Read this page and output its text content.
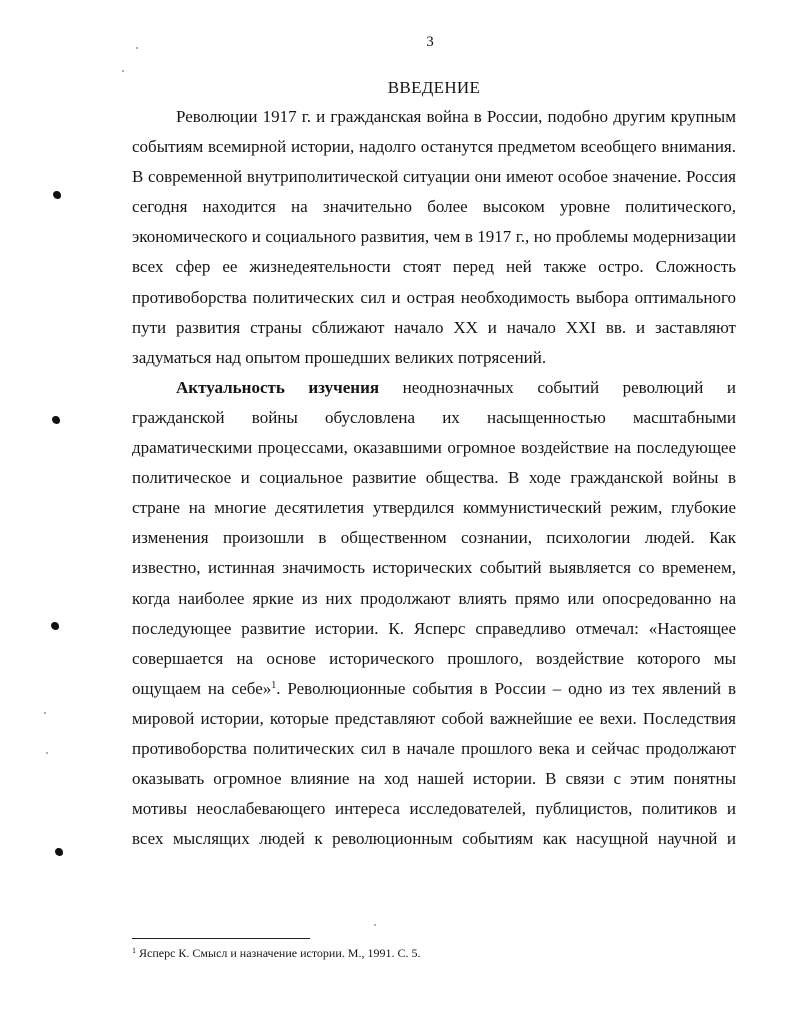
3
ВВЕДЕНИЕ

Революции 1917 г. и гражданская война в России, подобно другим крупным событиям всемирной истории, надолго останутся предметом всеобщего внимания. В современной внутриполитической ситуации они имеют особое значение. Россия сегодня находится на значительно более высоком уровне политического, экономического и социального развития, чем в 1917 г., но проблемы модернизации всех сфер ее жизнедеятельности стоят перед ней также остро. Сложность противоборства политических сил и острая необходимость выбора оптимального пути развития страны сближают начало XX и начало XXI вв. и заставляют задуматься над опытом прошедших великих потрясений.

Актуальность изучения неоднозначных событий революций и гражданской войны обусловлена их насыщенностью масштабными драматическими процессами, оказавшими огромное воздействие на последующее политическое и социальное развитие общества. В ходе гражданской войны в стране на многие десятилетия утвердился коммунистический режим, глубокие изменения произошли в общественном сознании, психологии людей. Как известно, истинная значимость исторических событий выявляется со временем, когда наиболее яркие из них продолжают влиять прямо или опосредованно на последующее развитие истории. К. Ясперс справедливо отмечал: «Настоящее совершается на основе исторического прошлого, воздействие которого мы ощущаем на себе»$^1$. Революционные события в России – одно из тех явлений в мировой истории, которые представляют собой важнейшие ее вехи. Последствия противоборства политических сил в начале прошлого века и сейчас продолжают оказывать огромное влияние на ход нашей истории. В связи с этим понятны мотивы неослабевающего интереса исследователей, публицистов, политиков и всех мыслящих людей к революционным событиям как насущной научной и

$^1$ Ясперс К. Смысл и назначение истории. М., 1991. С. 5.
